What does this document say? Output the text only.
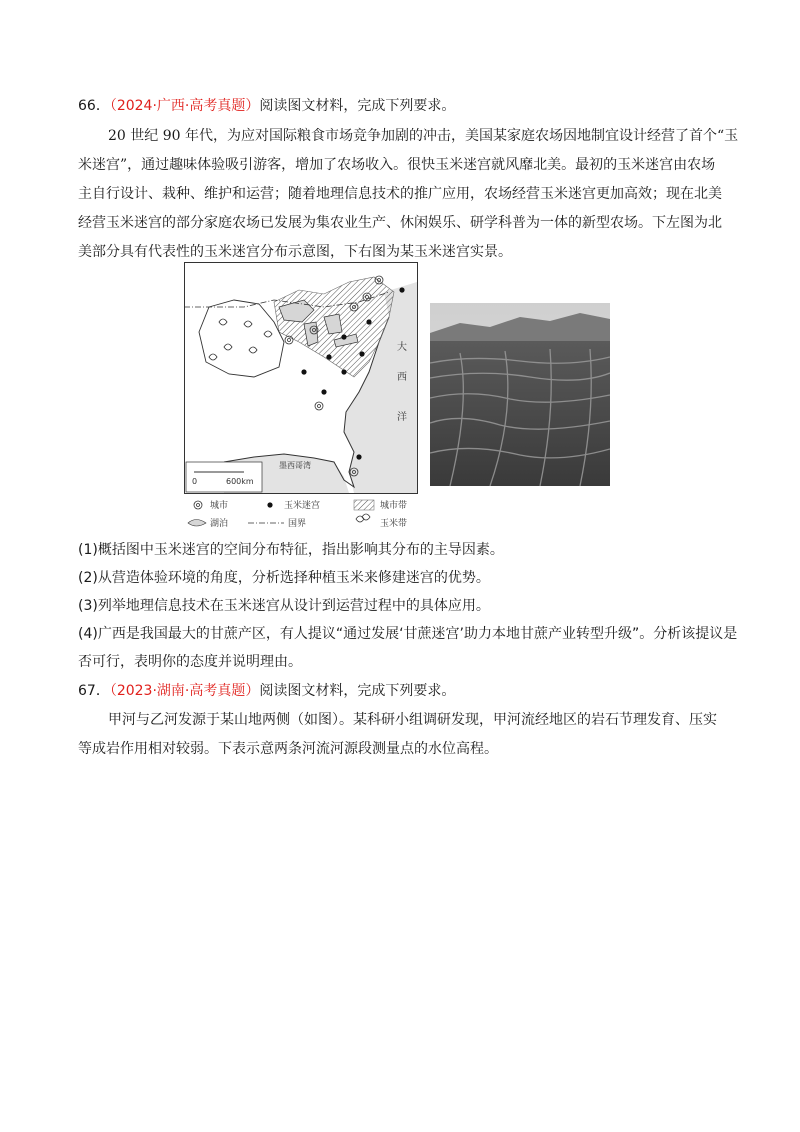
66．（2024·广西·高考真题）阅读图文材料，完成下列要求。
20 世纪 90 年代，为应对国际粮食市场竞争加剧的冲击，美国某家庭农场因地制宜设计经营了首个“玉
米迷宫”，通过趣味体验吸引游客，增加了农场收入。很快玉米迷宫就风靡北美。最初的玉米迷宫由农场
主自行设计、栽种、维护和运营；随着地理信息技术的推广应用，农场经营玉米迷宫更加高效；现在北美
经营玉米迷宫的部分家庭农场已发展为集农业生产、休闲娱乐、研学科普为一体的新型农场。下左图为北
美部分具有代表性的玉米迷宫分布示意图，下右图为某玉米迷宫实景。
大
西
洋
墨西哥湾
0	600km
城市	玉米迷宫	城市带
湖泊	国界	玉米带
(1)概括图中玉米迷宫的空间分布特征，指出影响其分布的主导因素。
(2)从营造体验环境的角度，分析选择种植玉米来修建迷宫的优势。
(3)列举地理信息技术在玉米迷宫从设计到运营过程中的具体应用。
(4)广西是我国最大的甘蔗产区，有人提议“通过发展‘甘蔗迷宫’助力本地甘蔗产业转型升级”。分析该提议是
否可行，表明你的态度并说明理由。
67．（2023·湖南·高考真题）阅读图文材料，完成下列要求。
甲河与乙河发源于某山地两侧（如图）。某科研小组调研发现，甲河流经地区的岩石节理发育、压实
等成岩作用相对较弱。下表示意两条河流河源段测量点的水位高程。
